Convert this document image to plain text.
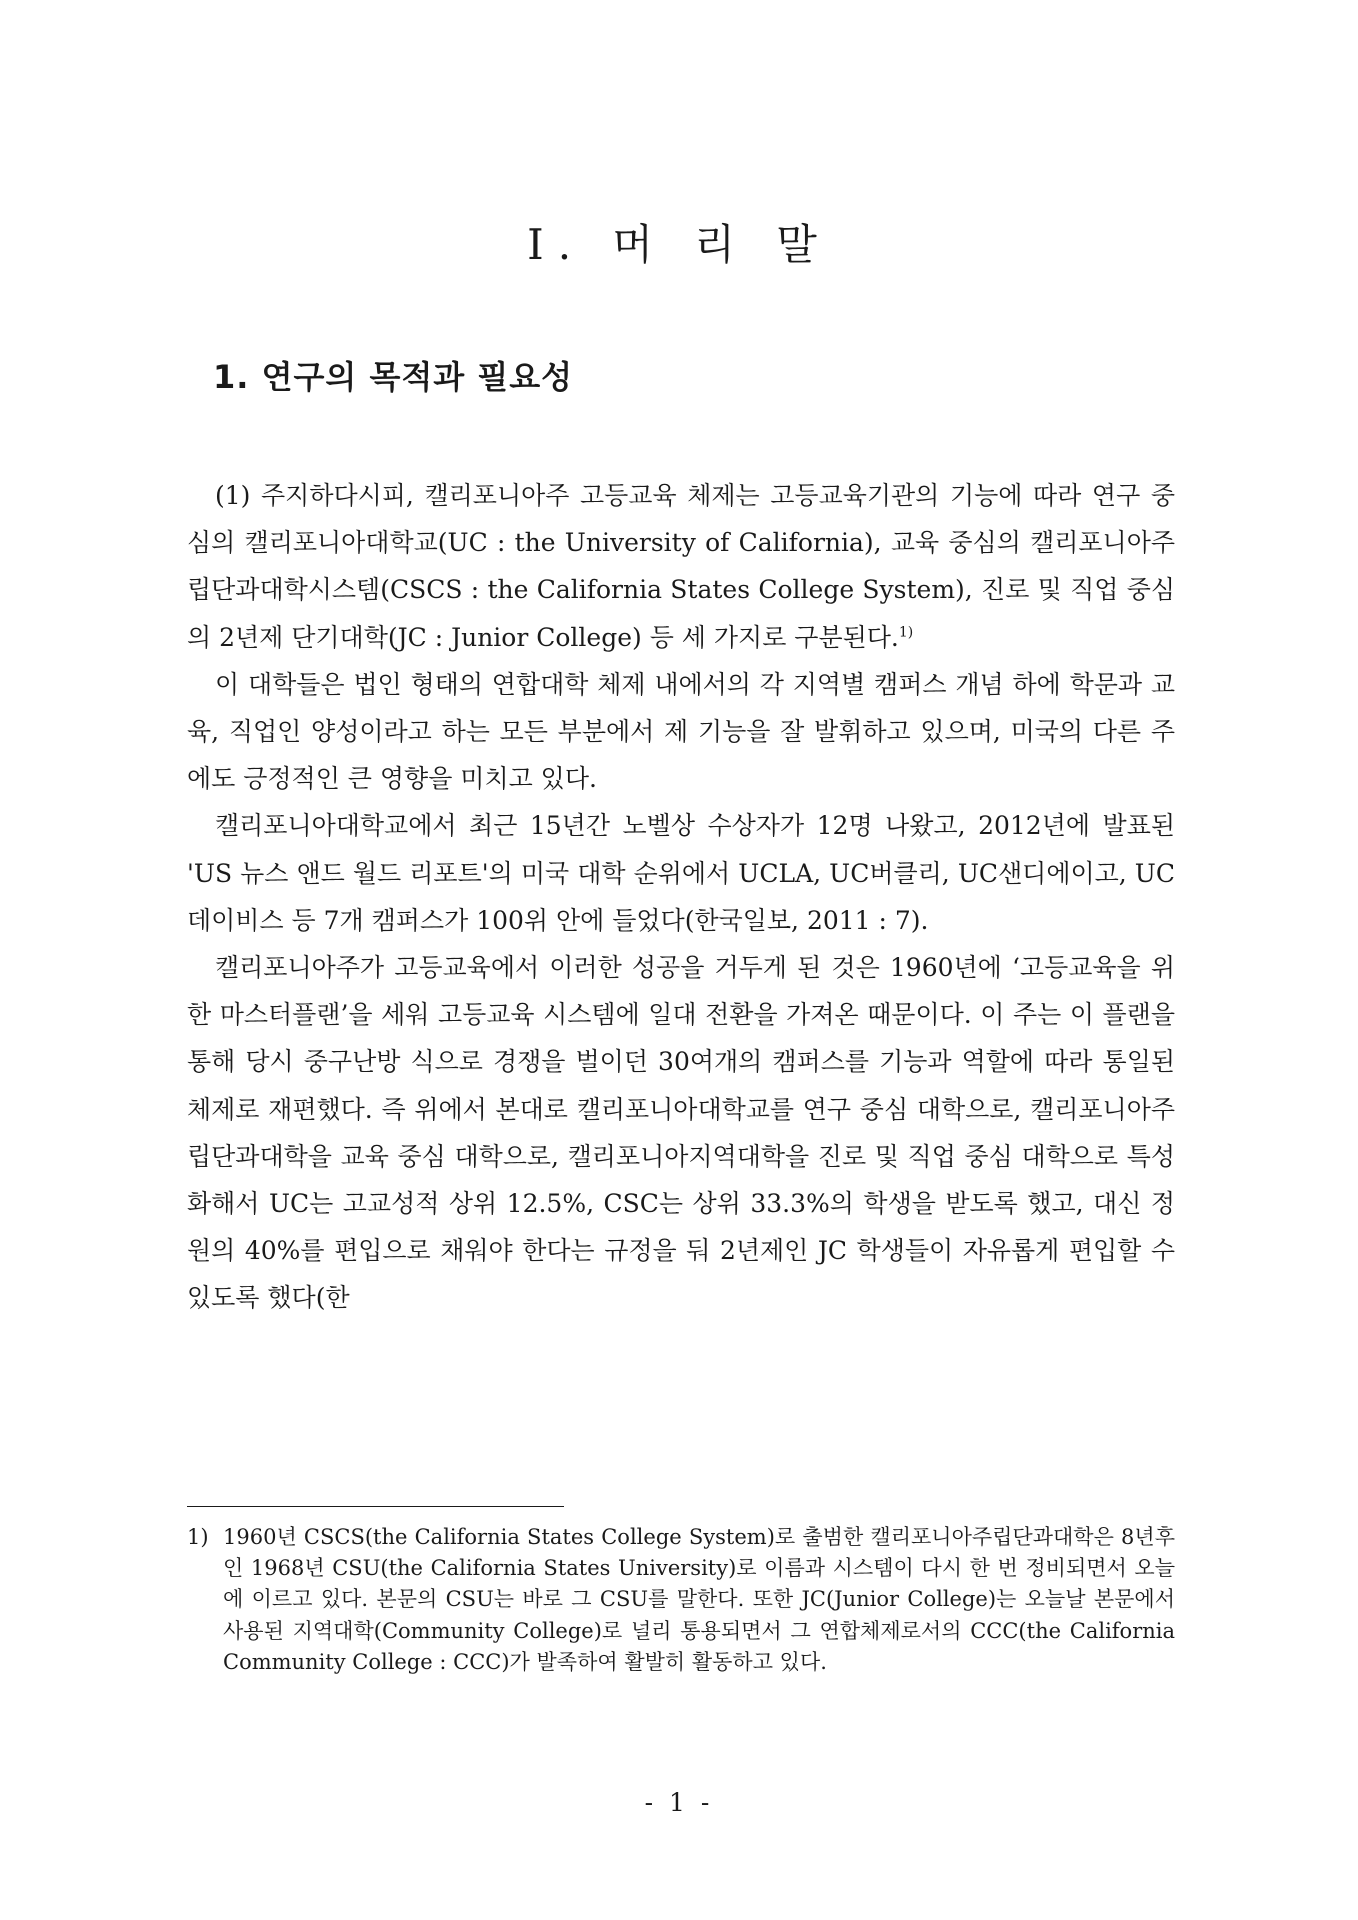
Ⅰ. 머 리 말
1. 연구의 목적과 필요성

(1) 주지하다시피, 캘리포니아주 고등교육 체제는 고등교육기관의 기능에 따라 연구 중심의 캘리포니아대학교(UC : the University of California), 교육 중심의 캘리포니아주립단과대학시스템(CSCS : the California States College System), 진로 및 직업 중심의 2년제 단기대학(JC : Junior College) 등 세 가지로 구분된다.$^{1)}$

이 대학들은 법인 형태의 연합대학 체제 내에서의 각 지역별 캠퍼스 개념 하에 학문과 교육, 직업인 양성이라고 하는 모든 부분에서 제 기능을 잘 발휘하고 있으며, 미국의 다른 주에도 긍정적인 큰 영향을 미치고 있다.

캘리포니아대학교에서 최근 15년간 노벨상 수상자가 12명 나왔고, 2012년에 발표된 'US 뉴스 앤드 월드 리포트'의 미국 대학 순위에서 UCLA, UC버클리, UC샌디에이고, UC데이비스 등 7개 캠퍼스가 100위 안에 들었다(한국일보, 2011 : 7).

캘리포니아주가 고등교육에서 이러한 성공을 거두게 된 것은 1960년에 ‘고등교육을 위한 마스터플랜’을 세워 고등교육 시스템에 일대 전환을 가져온 때문이다. 이 주는 이 플랜을 통해 당시 중구난방 식으로 경쟁을 벌이던 30여개의 캠퍼스를 기능과 역할에 따라 통일된 체제로 재편했다. 즉 위에서 본대로 캘리포니아대학교를 연구 중심 대학으로, 캘리포니아주립단과대학을 교육 중심 대학으로, 캘리포니아지역대학을 진로 및 직업 중심 대학으로 특성화해서 UC는 고교성적 상위 12.5%, CSC는 상위 33.3%의 학생을 받도록 했고, 대신 정원의 40%를 편입으로 채워야 한다는 규정을 둬 2년제인 JC 학생들이 자유롭게 편입할 수 있도록 했다(한

1) 1960년 CSCS(the California States College System)로 출범한 캘리포니아주립단과대학은 8년후인 1968년 CSU(the California States University)로 이름과 시스템이 다시 한 번 정비되면서 오늘에 이르고 있다. 본문의 CSU는 바로 그 CSU를 말한다. 또한 JC(Junior College)는 오늘날 본문에서 사용된 지역대학(Community College)로 널리 통용되면서 그 연합체제로서의 CCC(the California Community College : CCC)가 발족하여 활발히 활동하고 있다.
- 1 -
